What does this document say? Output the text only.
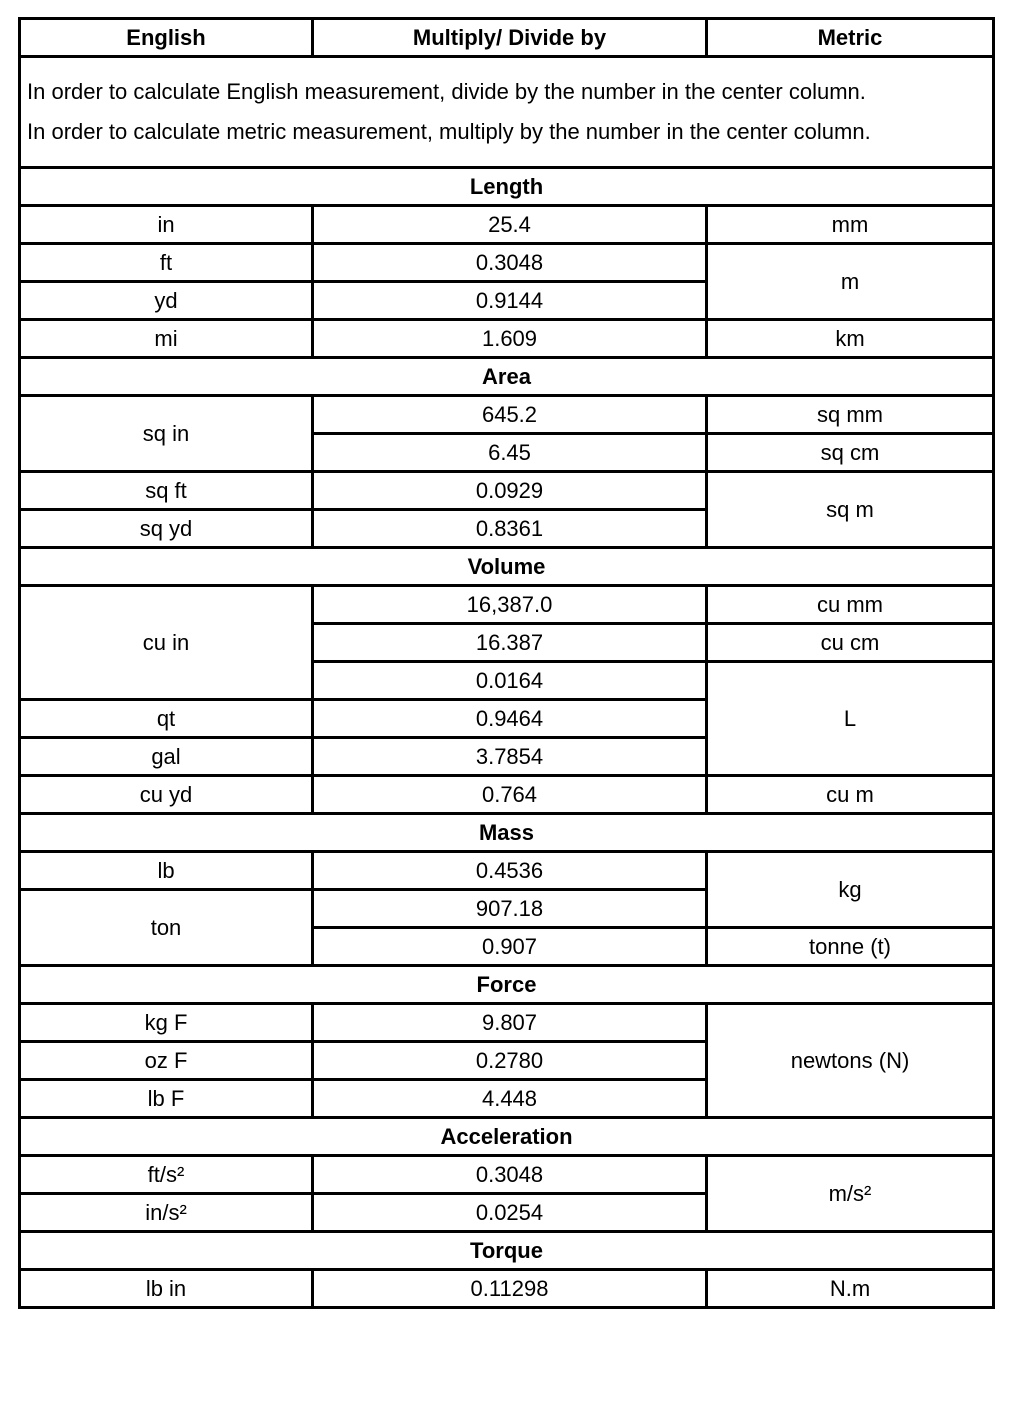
English	Multiply/ Divide by	Metric

In order to calculate English measurement, divide by the number in the center column.
In order to calculate metric measurement, multiply by the number in the center column.		

Length		
in	25.4	mm
ft	0.3048	m
yd	0.9144	
mi	1.609	km
Area		
sq in	645.2	sq mm
	6.45	sq cm
sq ft	0.0929	sq m
sq yd	0.8361	
Volume		
cu in	16,387.0	cu mm
	16.387	cu cm
	0.0164	L
qt	0.9464	
gal	3.7854	
cu yd	0.764	cu m
Mass		
lb	0.4536	kg
ton	907.18	
	0.907	tonne (t)
Force		
kg F	9.807	newtons (N)
oz F	0.2780	
lb F	4.448	
Acceleration		
ft/s²	0.3048	m/s²
in/s²	0.0254	
Torque		
lb in	0.11298	N.m
